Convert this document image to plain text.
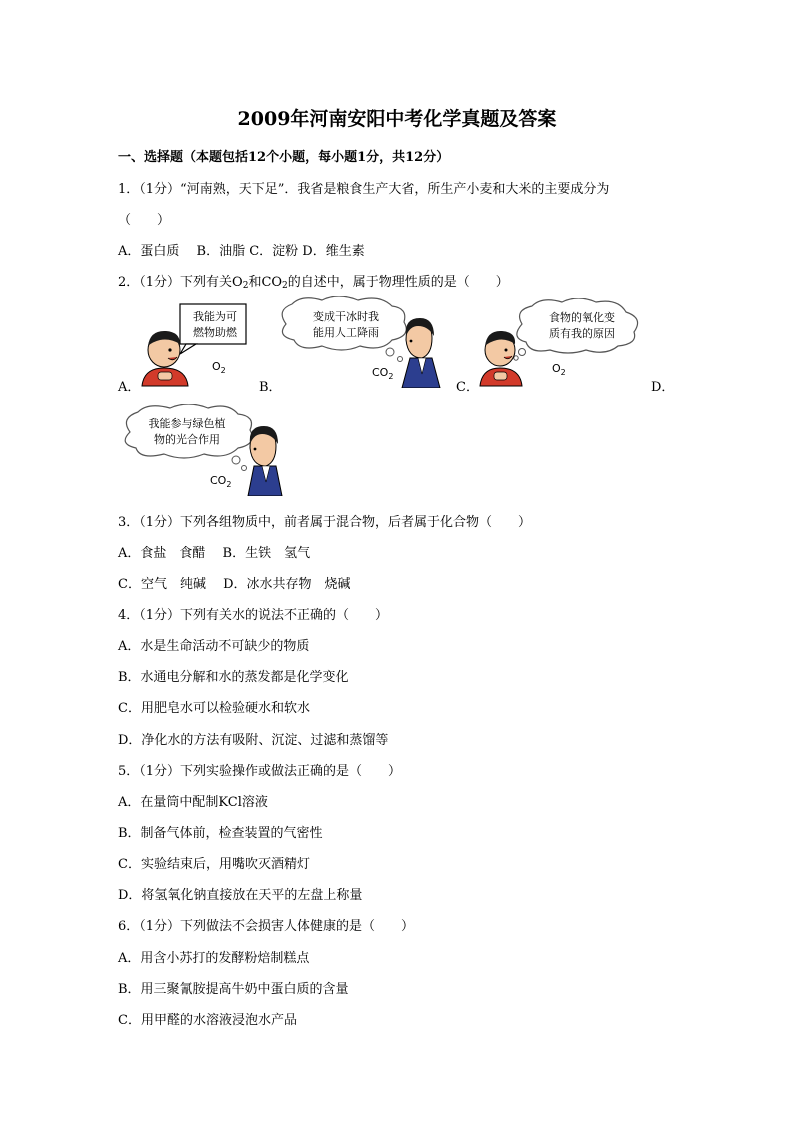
2009年河南安阳中考化学真题及答案
一、选择题（本题包括12个小题，每小题1分，共12分）
1．（1分）“河南熟，天下足”．我省是粮食生产大省，所生产小麦和大米的主要成分为
（　　）
A．蛋白质　 B．油脂 C．淀粉 D．维生素
2．（1分）下列有关$O_2$和$CO_2$的自述中，属于物理性质的是（　　）
我能为可
燃物助燃
$O_2$
A．	B．
变成干冰时我
能用人工降雨
$CO_2$
C．
食物的氧化变
质有我的原因
$O_2$
D．
我能参与绿色植
物的光合作用
$CO_2$
3．（1分）下列各组物质中，前者属于混合物，后者属于化合物（　　）
A．食盐　食醋　 B．生铁　氢气
C．空气　纯碱　 D．冰水共存物　烧碱
4．（1分）下列有关水的说法不正确的（　　）
A．水是生命活动不可缺少的物质
B．水通电分解和水的蒸发都是化学变化
C．用肥皂水可以检验硬水和软水
D．净化水的方法有吸附、沉淀、过滤和蒸馏等
5．（1分）下列实验操作或做法正确的是（　　）
A．在量筒中配制KCl溶液
B．制备气体前，检查装置的气密性
C．实验结束后，用嘴吹灭酒精灯
D．将氢氧化钠直接放在天平的左盘上称量
6．（1分）下列做法不会损害人体健康的是（　　）
A．用含小苏打的发酵粉焙制糕点
B．用三聚氰胺提高牛奶中蛋白质的含量
C．用甲醛的水溶液浸泡水产品
